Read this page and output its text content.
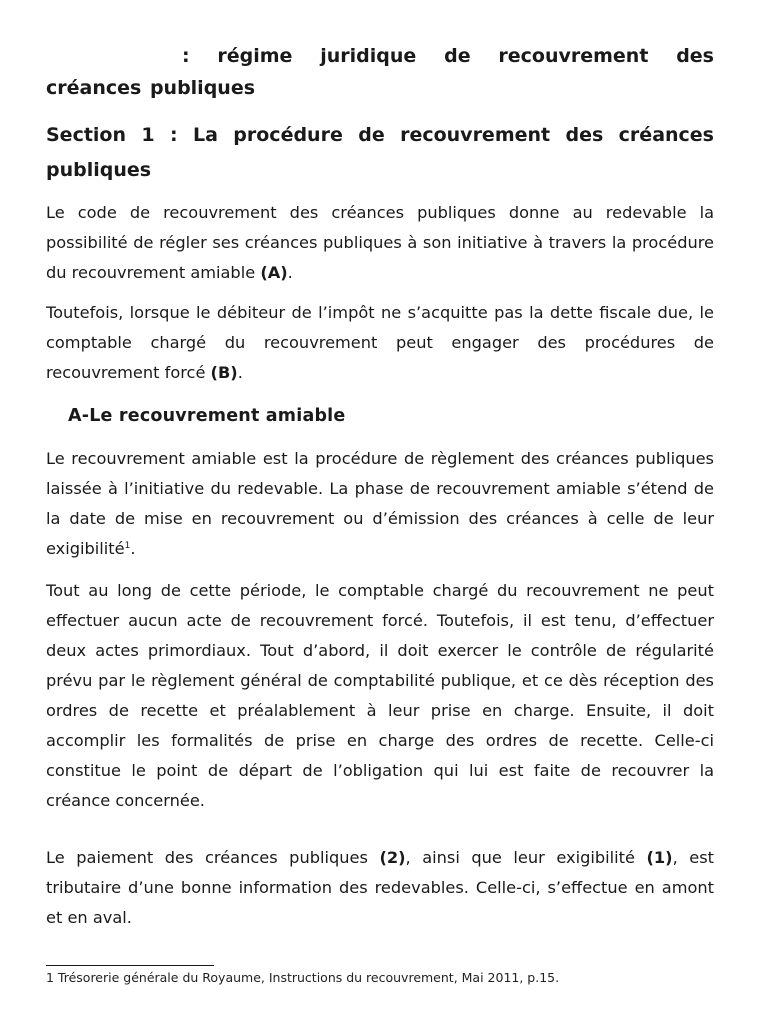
: régime juridique de recouvrement des créances publiques
Section 1 : La procédure de recouvrement des créances publiques

Le code de recouvrement des créances publiques donne au redevable la possibilité de régler ses créances publiques à son initiative à travers la procédure du recouvrement amiable (A).

Toutefois, lorsque le débiteur de l’impôt ne s’acquitte pas la dette fiscale due, le comptable chargé du recouvrement peut engager des procédures de recouvrement forcé (B).

A-Le recouvrement amiable

Le recouvrement amiable est la procédure de règlement des créances publiques laissée à l’initiative du redevable. La phase de recouvrement amiable s’étend de la date de mise en recouvrement ou d’émission des créances à celle de leur exigibilité$^1$.

Tout au long de cette période, le comptable chargé du recouvrement ne peut effectuer aucun acte de recouvrement forcé. Toutefois, il est tenu, d’effectuer deux actes primordiaux. Tout d’abord, il doit exercer le contrôle de régularité prévu par le règlement général de comptabilité publique, et ce dès réception des ordres de recette et préalablement à leur prise en charge. Ensuite, il doit accomplir les formalités de prise en charge des ordres de recette. Celle-ci constitue le point de départ de l’obligation qui lui est faite de recouvrer la créance concernée.

Le paiement des créances publiques (2), ainsi que leur exigibilité (1), est tributaire d’une bonne information des redevables. Celle-ci, s’effectue en amont et en aval.

1 Trésorerie générale du Royaume, Instructions du recouvrement, Mai 2011, p.15.
